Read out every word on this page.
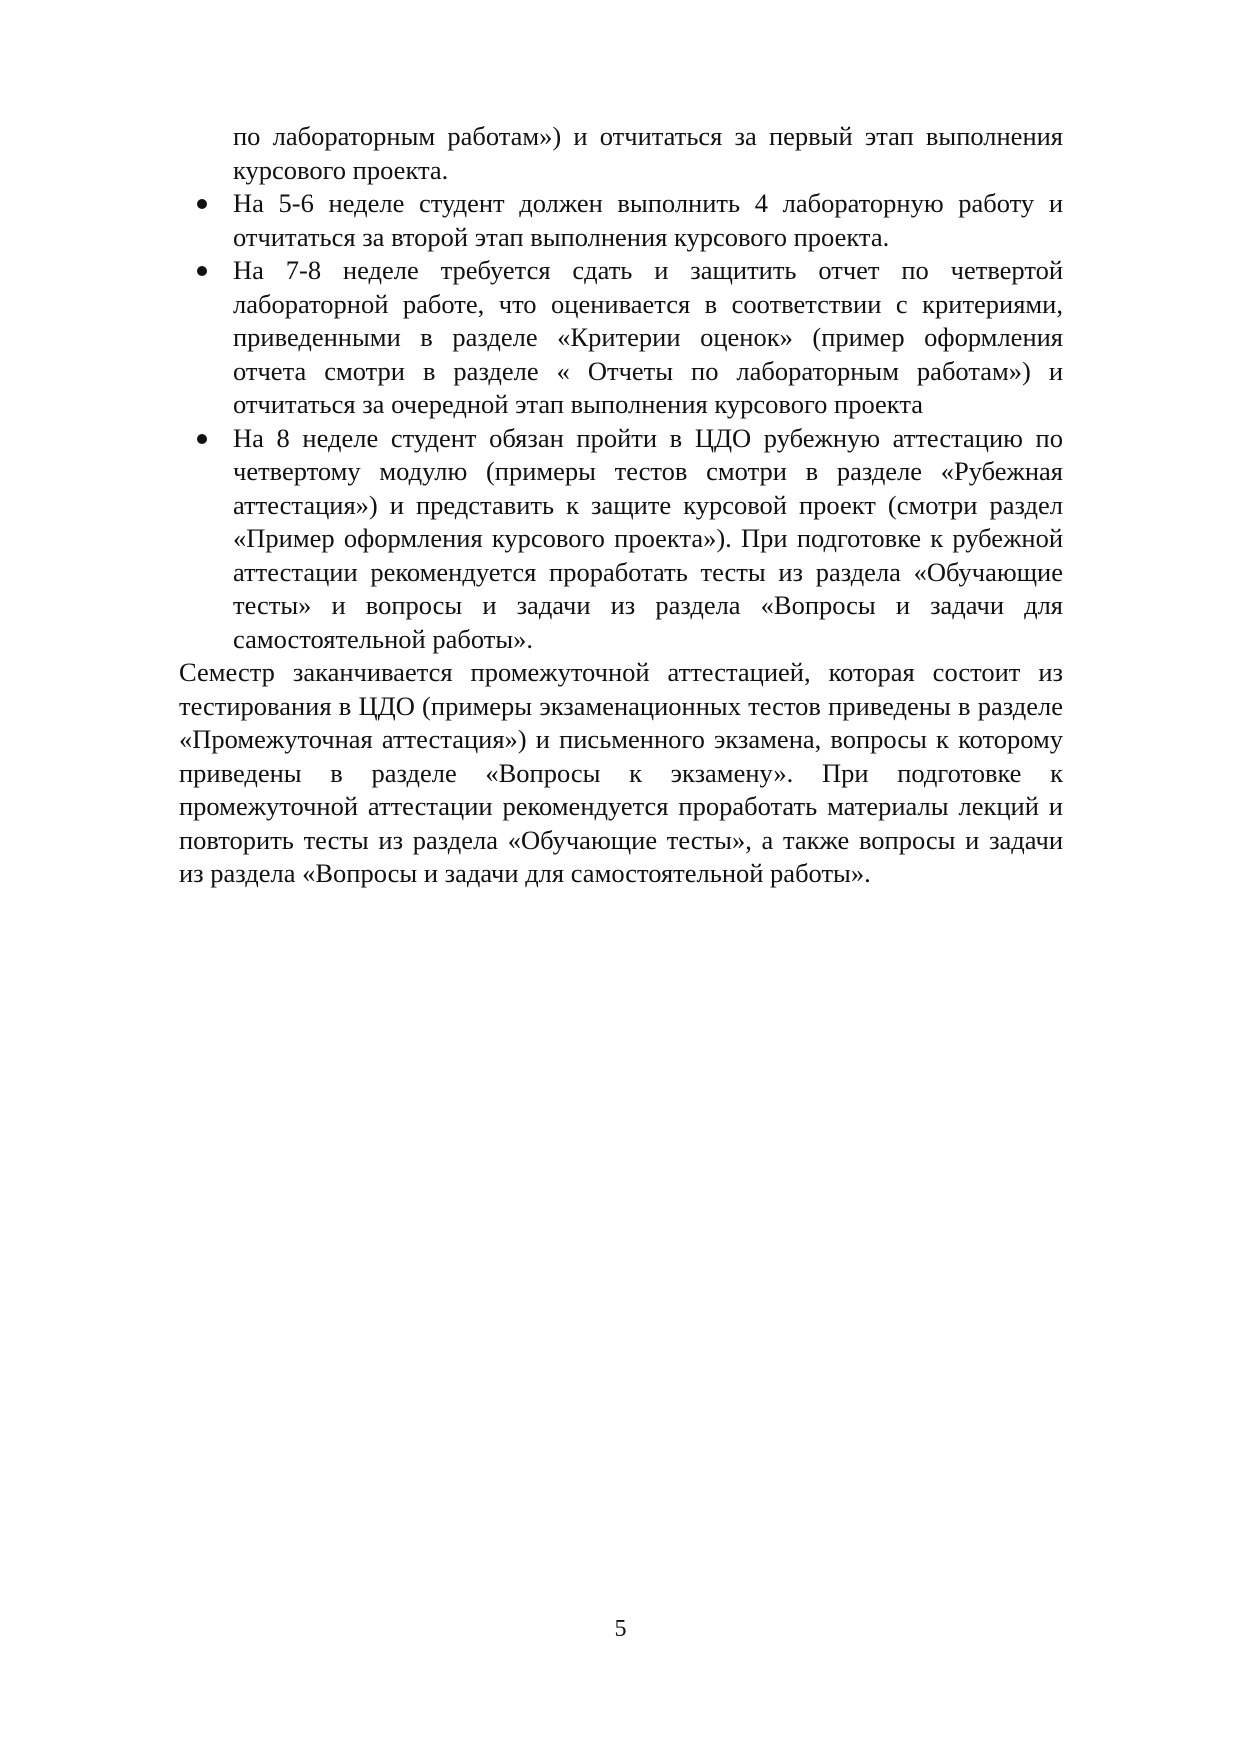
по лабораторным работам») и отчитаться за первый этап выполнения курсового проекта.

На 5-6 неделе студент должен выполнить 4 лабораторную работу и отчитаться за второй этап выполнения курсового проекта.
На 7-8 неделе требуется сдать и защитить отчет по четвертой лабораторной работе, что оценивается в соответствии с критериями, приведенными в разделе «Критерии оценок» (пример оформления отчета смотри в разделе « Отчеты по лабораторным работам») и отчитаться за очередной этап выполнения курсового проекта
На 8 неделе студент обязан пройти в ЦДО рубежную аттестацию по четвертому модулю (примеры тестов смотри в разделе «Рубежная аттестация») и представить к защите курсовой проект (смотри раздел «Пример оформления курсового проекта»). При подготовке к рубежной аттестации рекомендуется проработать тесты из раздела «Обучающие тесты» и вопросы и задачи из раздела «Вопросы и задачи для самостоятельной работы».

Семестр заканчивается промежуточной аттестацией, которая состоит из тестирования в ЦДО (примеры экзаменационных тестов приведены в разделе «Промежуточная аттестация») и письменного экзамена, вопросы к которому приведены в разделе «Вопросы к экзамену». При подготовке к промежуточной аттестации рекомендуется проработать материалы лекций и повторить тесты из раздела «Обучающие тесты», а также вопросы и задачи из раздела «Вопросы и задачи для самостоятельной работы».

5
